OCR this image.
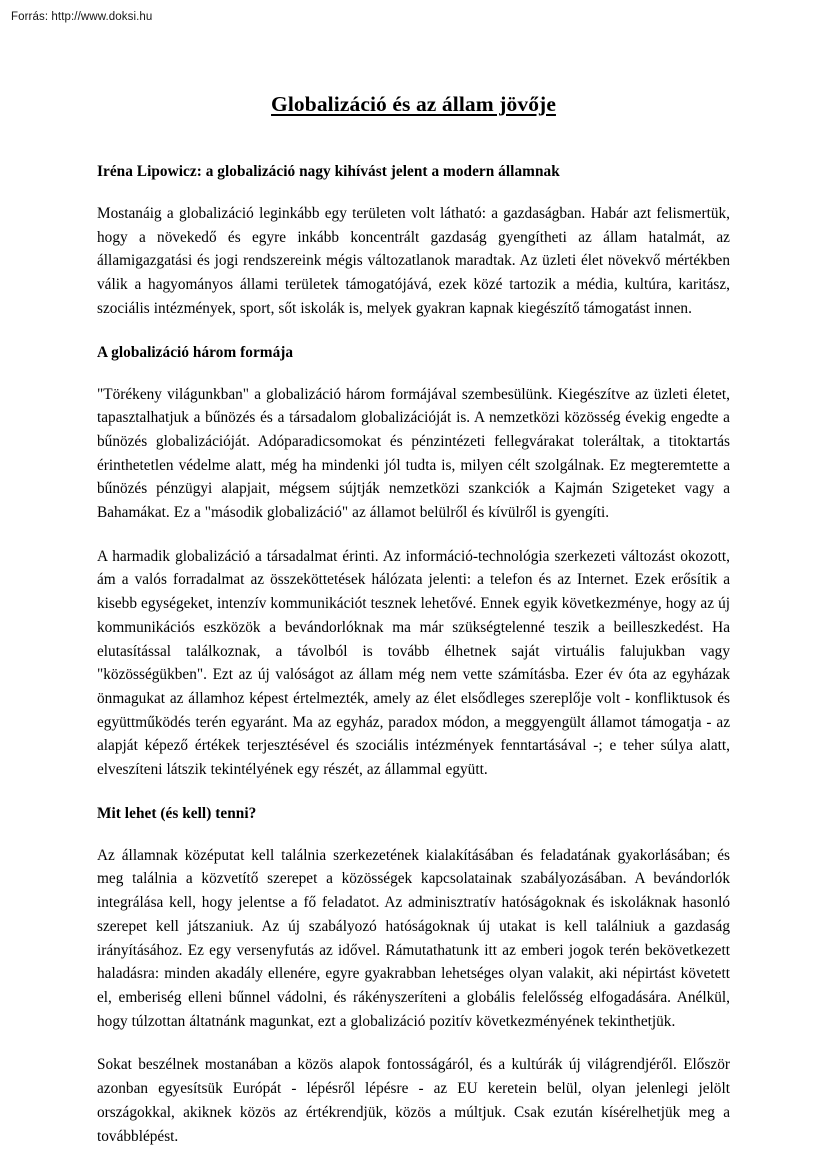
Forrás: http://www.doksi.hu
Globalizáció és az állam jövője
Iréna Lipowicz: a globalizáció nagy kihívást jelent a modern államnak

Mostanáig a globalizáció leginkább egy területen volt látható: a gazdaságban. Habár azt felismertük, hogy a növekedő és egyre inkább koncentrált gazdaság gyengítheti az állam hatalmát, az államigazgatási és jogi rendszereink mégis változatlanok maradtak. Az üzleti élet növekvő mértékben válik a hagyományos állami területek támogatójává, ezek közé tartozik a média, kultúra, karitász, szociális intézmények, sport, sőt iskolák is, melyek gyakran kapnak kiegészítő támogatást innen.

A globalizáció három formája

"Törékeny világunkban" a globalizáció három formájával szembesülünk. Kiegészítve az üzleti életet, tapasztalhatjuk a bűnözés és a társadalom globalizációját is. A nemzetközi közösség évekig engedte a bűnözés globalizációját. Adóparadicsomokat és pénzintézeti fellegvárakat toleráltak, a titoktartás érinthetetlen védelme alatt, még ha mindenki jól tudta is, milyen célt szolgálnak. Ez megteremtette a bűnözés pénzügyi alapjait, mégsem sújtják nemzetközi szankciók a Kajmán Szigeteket vagy a Bahamákat. Ez a "második globalizáció" az államot belülről és kívülről is gyengíti.

A harmadik globalizáció a társadalmat érinti. Az információ-technológia szerkezeti változást okozott, ám a valós forradalmat az összeköttetések hálózata jelenti: a telefon és az Internet. Ezek erősítik a kisebb egységeket, intenzív kommunikációt tesznek lehetővé. Ennek egyik következménye, hogy az új kommunikációs eszközök a bevándorlóknak ma már szükségtelenné teszik a beilleszkedést. Ha elutasítással találkoznak, a távolból is tovább élhetnek saját virtuális falujukban vagy "közösségükben". Ezt az új valóságot az állam még nem vette számításba. Ezer év óta az egyházak önmagukat az államhoz képest értelmezték, amely az élet elsődleges szereplője volt - konfliktusok és együttműködés terén egyaránt. Ma az egyház, paradox módon, a meggyengült államot támogatja - az alapját képező értékek terjesztésével és szociális intézmények fenntartásával -; e teher súlya alatt, elveszíteni látszik tekintélyének egy részét, az állammal együtt.

Mit lehet (és kell) tenni?

Az államnak középutat kell találnia szerkezetének kialakításában és feladatának gyakorlásában; és meg találnia a közvetítő szerepet a közösségek kapcsolatainak szabályozásában. A bevándorlók integrálása kell, hogy jelentse a fő feladatot. Az adminisztratív hatóságoknak és iskoláknak hasonló szerepet kell játszaniuk. Az új szabályozó hatóságoknak új utakat is kell találniuk a gazdaság irányításához. Ez egy versenyfutás az idővel. Rámutathatunk itt az emberi jogok terén bekövetkezett haladásra: minden akadály ellenére, egyre gyakrabban lehetséges olyan valakit, aki népirtást követett el, emberiség elleni bűnnel vádolni, és rákényszeríteni a globális felelősség elfogadására. Anélkül, hogy túlzottan áltatnánk magunkat, ezt a globalizáció pozitív következményének tekinthetjük.

Sokat beszélnek mostanában a közös alapok fontosságáról, és a kultúrák új világrendjéről. Először azonban egyesítsük Európát - lépésről lépésre - az EU keretein belül, olyan jelenlegi jelölt országokkal, akiknek közös az értékrendjük, közös a múltjuk. Csak ezután kísérelhetjük meg a továbblépést.
